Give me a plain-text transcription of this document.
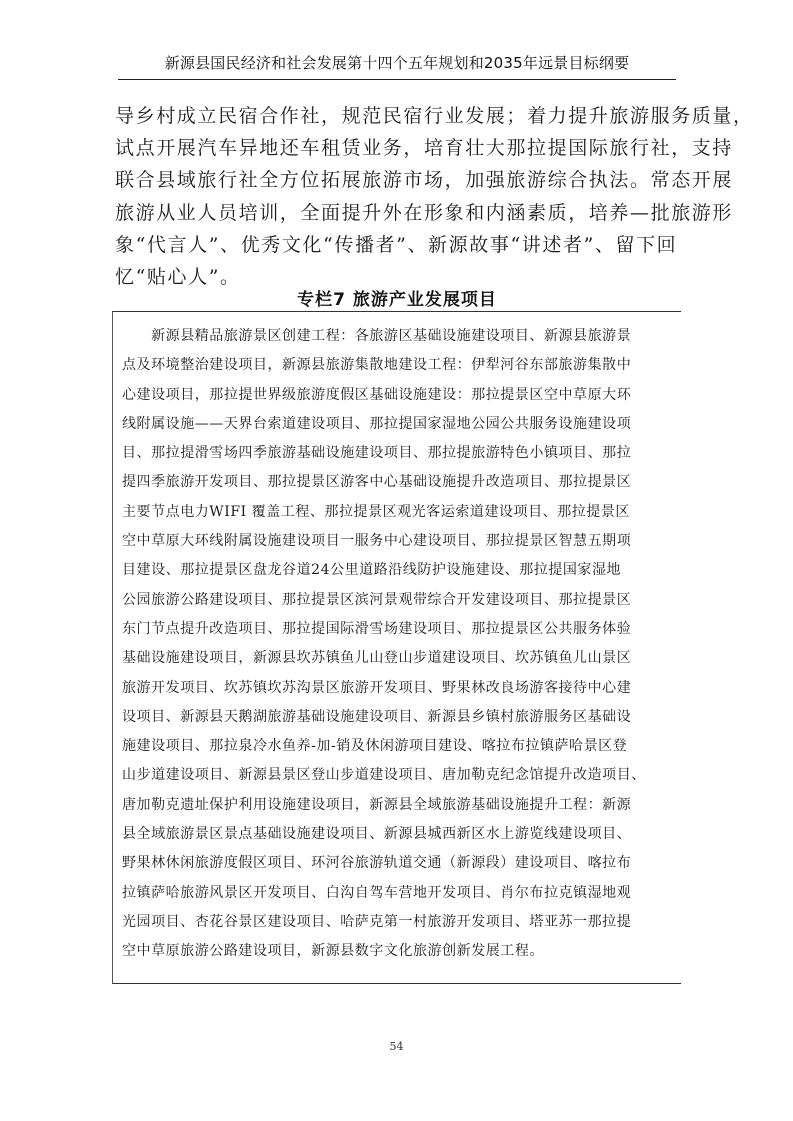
新源县国民经济和社会发展第十四个五年规划和2035年远景目标纲要
导乡村成立民宿合作社，规范民宿行业发展；着力提升旅游服务质量，
试点开展汽车异地还车租赁业务，培育壮大那拉提国际旅行社，支持
联合县域旅行社全方位拓展旅游市场，加强旅游综合执法。常态开展
旅游从业人员培训，全面提升外在形象和内涵素质，培养—批旅游形
象“代言人”、优秀文化“传播者”、新源故事“讲述者”、留下回
忆“贴心人”。
专栏7 旅游产业发展项目
　　新源县精品旅游景区创建工程：各旅游区基础设施建设项目、新源县旅游景
点及环境整治建设项目，新源县旅游集散地建设工程：伊犁河谷东部旅游集散中
心建设项目，那拉提世界级旅游度假区基础设施建设：那拉提景区空中草原大环
线附属设施——天界台索道建设项目、那拉提国家湿地公园公共服务设施建设项
目、那拉提滑雪场四季旅游基础设施建设项目、那拉提旅游特色小镇项目、那拉
提四季旅游开发项目、那拉提景区游客中心基础设施提升改造项目、那拉提景区
主要节点电力WIFI 覆盖工程、那拉提景区观光客运索道建设项目、那拉提景区
空中草原大环线附属设施建设项目一服务中心建设项目、那拉提景区智慧五期项
目建设、那拉提景区盘龙谷道24公里道路沿线防护设施建设、那拉提国家湿地
公园旅游公路建设项目、那拉提景区滨河景观带综合开发建设项目、那拉提景区
东门节点提升改造项目、那拉提国际滑雪场建设项目、那拉提景区公共服务体验
基础设施建设项目，新源县坎苏镇鱼儿山登山步道建设项目、坎苏镇鱼儿山景区
旅游开发项目、坎苏镇坎苏沟景区旅游开发项目、野果林改良场游客接待中心建
设项目、新源县天鹅湖旅游基础设施建设项目、新源县乡镇村旅游服务区基础设
施建设项目、那拉泉冷水鱼养-加-销及休闲游项目建设、喀拉布拉镇萨哈景区登
山步道建设项目、新源县景区登山步道建设项目、唐加勒克纪念馆提升改造项目、
唐加勒克遗址保护利用设施建设项目，新源县全域旅游基础设施提升工程：新源
县全域旅游景区景点基础设施建设项目、新源县城西新区水上游览线建设项目、
野果林休闲旅游度假区项目、环河谷旅游轨道交通（新源段）建设项目、喀拉布
拉镇萨哈旅游风景区开发项目、白沟自驾车营地开发项目、肖尔布拉克镇湿地观
光园项目、杏花谷景区建设项目、哈萨克第一村旅游开发项目、塔亚苏一那拉提
空中草原旅游公路建设项目，新源县数字文化旅游创新发展工程。
54
